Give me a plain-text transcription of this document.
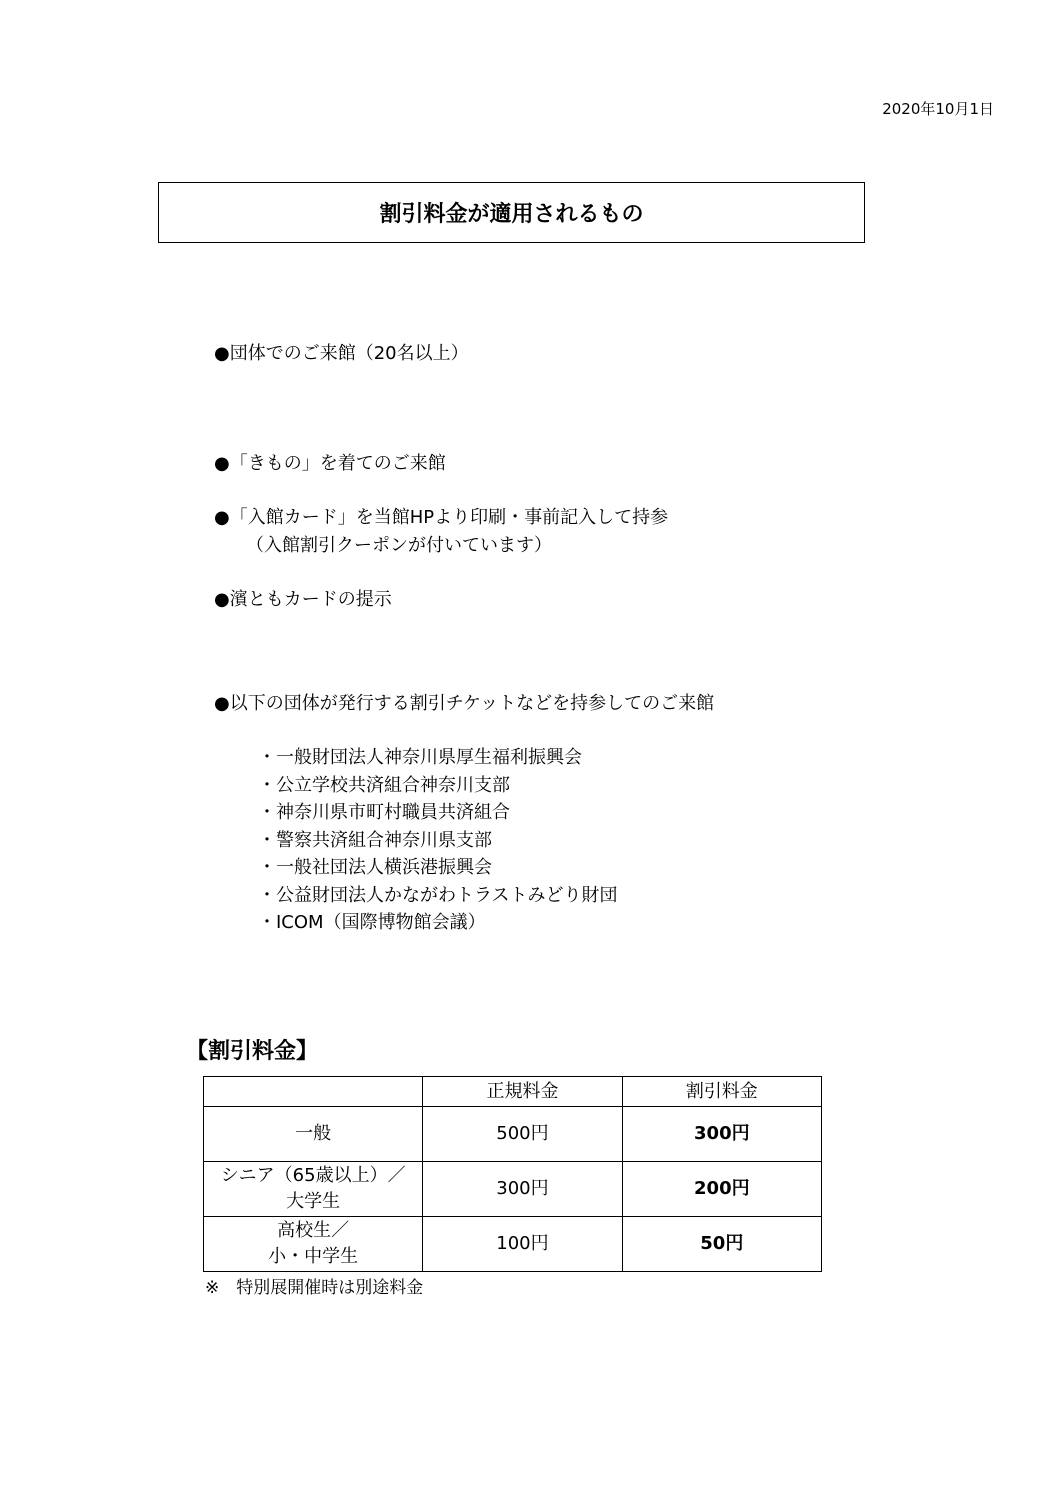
2020年10月1日
割引料金が適用されるもの
●団体でのご来館（20名以上）
●「きもの」を着てのご来館
●「入館カード」を当館HPより印刷・事前記入して持参
（入館割引クーポンが付いています）
●濱ともカードの提示
●以下の団体が発行する割引チケットなどを持参してのご来館
・一般財団法人神奈川県厚生福利振興会
・公立学校共済組合神奈川支部
・神奈川県市町村職員共済組合
・警察共済組合神奈川県支部
・一般社団法人横浜港振興会
・公益財団法人かながわトラストみどり財団
・ICOM（国際博物館会議）
【割引料金】
	正規料金	割引料金

一般	500円	300円

シニア（65歳以上）／
大学生	300円	200円

高校生／
小・中学生	100円	50円
※　特別展開催時は別途料金
